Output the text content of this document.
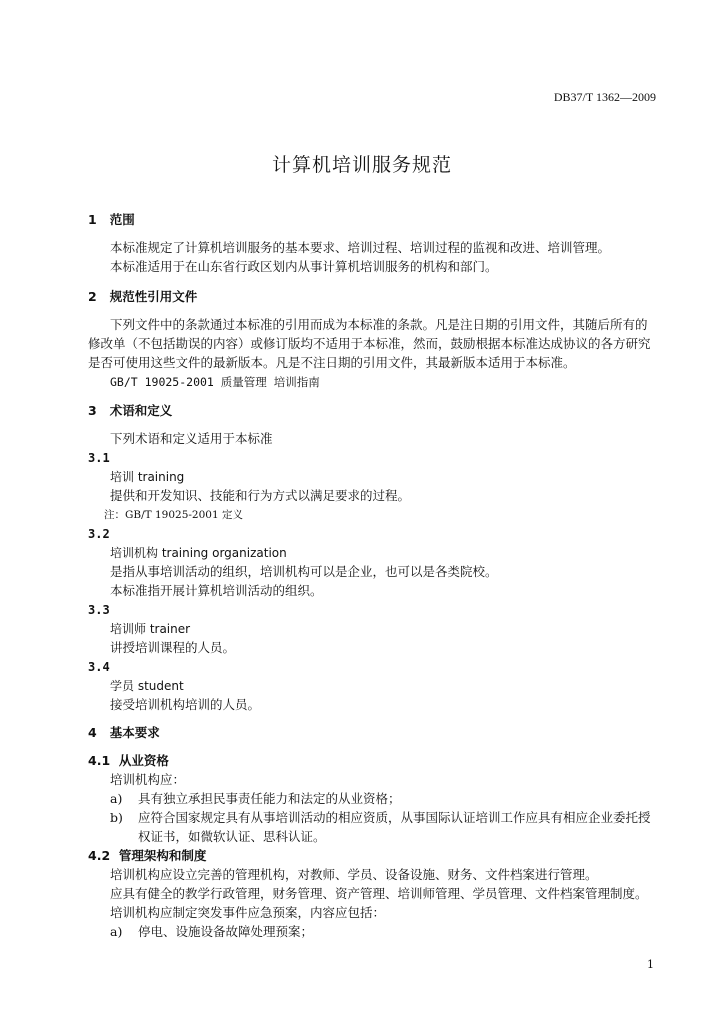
DB37/T 1362—2009
计算机培训服务规范
1 范围
本标准规定了计算机培训服务的基本要求、培训过程、培训过程的监视和改进、培训管理。
本标准适用于在山东省行政区划内从事计算机培训服务的机构和部门。
2 规范性引用文件
下列文件中的条款通过本标准的引用而成为本标准的条款。凡是注日期的引用文件，其随后所有的
修改单（不包括勘误的内容）或修订版均不适用于本标准，然而，鼓励根据本标准达成协议的各方研究
是否可使用这些文件的最新版本。凡是不注日期的引用文件，其最新版本适用于本标准。
GB/T 19025-2001 质量管理 培训指南
3 术语和定义
下列术语和定义适用于本标准
3.1
培训 training
提供和开发知识、技能和行为方式以满足要求的过程。
注：GB/T 19025-2001 定义
3.2
培训机构 training organization
是指从事培训活动的组织，培训机构可以是企业，也可以是各类院校。
本标准指开展计算机培训活动的组织。
3.3
培训师 trainer
讲授培训课程的人员。
3.4
学员 student
接受培训机构培训的人员。
4 基本要求
4.1 从业资格
培训机构应：
a) 具有独立承担民事责任能力和法定的从业资格；
b) 应符合国家规定具有从事培训活动的相应资质，从事国际认证培训工作应具有相应企业委托授
权证书，如微软认证、思科认证。
4.2 管理架构和制度
培训机构应设立完善的管理机构，对教师、学员、设备设施、财务、文件档案进行管理。
应具有健全的教学行政管理，财务管理、资产管理、培训师管理、学员管理、文件档案管理制度。
培训机构应制定突发事件应急预案，内容应包括：
a) 停电、设施设备故障处理预案；
1
